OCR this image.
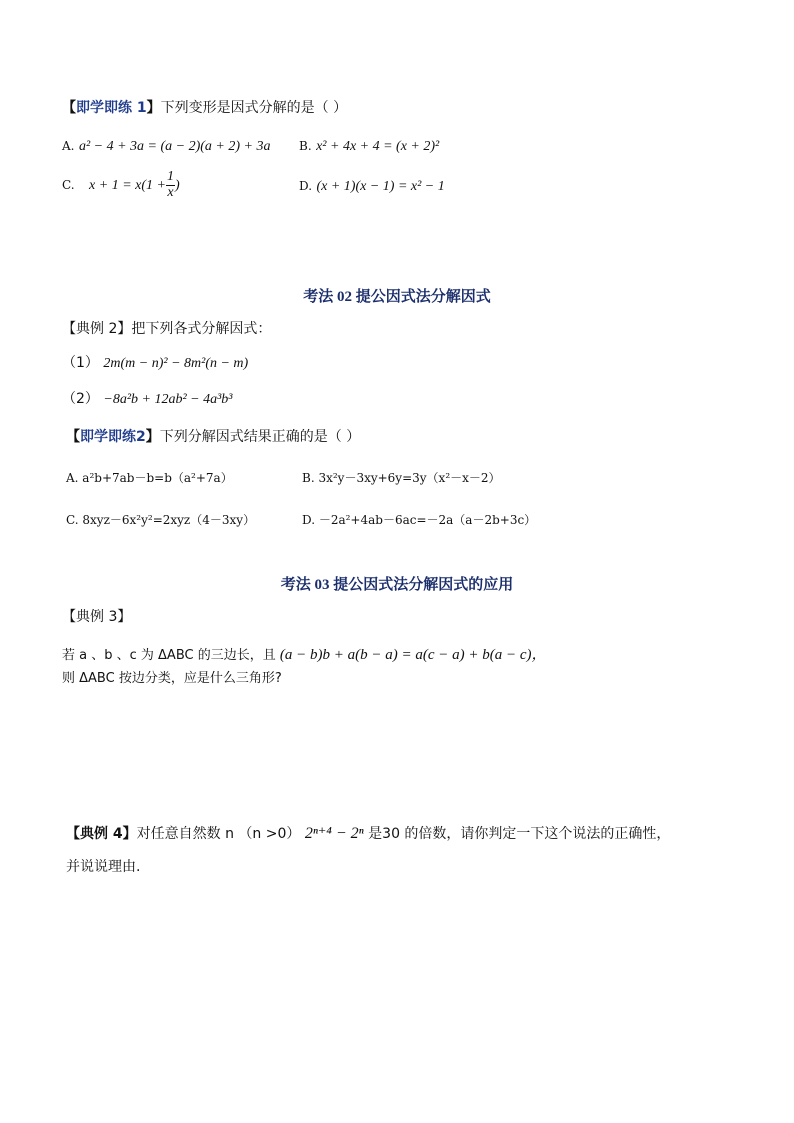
【即学即练 1】下列变形是因式分解的是（ ）
A. a² − 4 + 3a = (a − 2)(a + 2) + 3a B. x² + 4x + 4 = (x + 2)²
C. $x + 1 = x(1 + \frac{1}{x}$ )	D. (x + 1)(x − 1) = x² − 1
考法 02 提公因式法分解因式
【典例 2】把下列各式分解因式：
（1） 2m(m − n)² − 8m²(n − m)
（2） −8a²b + 12ab² − 4a³b³
【即学即练2】下列分解因式结果正确的是（ ）
A. a²b+7ab－b=b（a²+7a）	B. 3x²y－3xy+6y=3y（x²－x－2）
C. 8xyz－6x²y²=2xyz（4－3xy）	D. －2a²+4ab－6ac=－2a（a－2b+3c）
考法 03 提公因式法分解因式的应用
【典例 3】
若 a 、b 、c 为 ΔABC 的三边长，且 (a − b)b + a(b − a) = a(c − a) + b(a − c)，
则 ΔABC 按边分类，应是什么三角形?
【典例 4】对任意自然数 n （n >0） 2ⁿ⁺⁴ − 2ⁿ 是30 的倍数，请你判定一下这个说法的正确性，
并说说理由.
